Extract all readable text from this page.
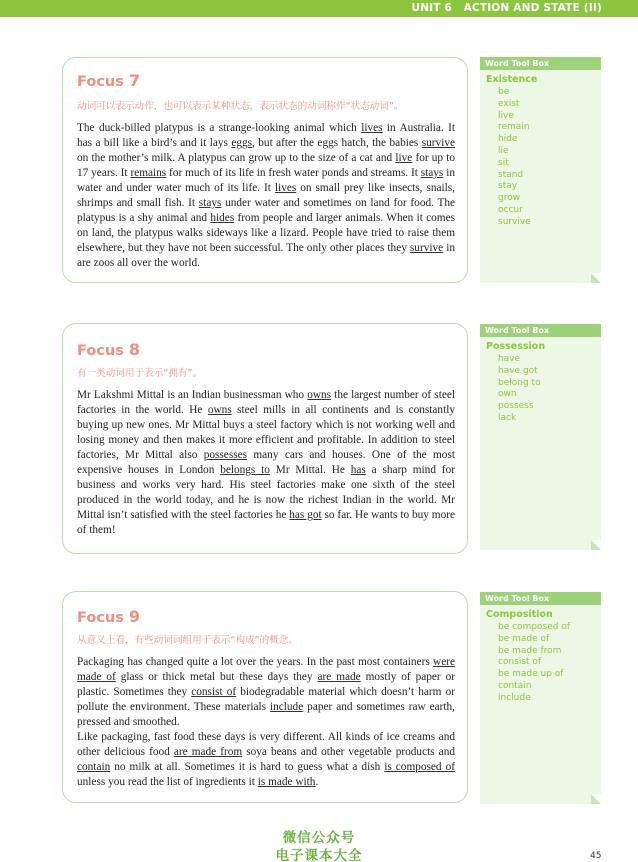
UNIT 6 ACTION AND STATE (II)
Focus 7
动词可以表示动作，也可以表示某种状态，表示状态的动词称作“状态动词”。

The duck-billed platypus is a strange-looking animal which lives in Australia. It has a bill like a bird’s and it lays eggs, but after the eggs hatch, the babies survive on the mother’s milk. A platypus can grow up to the size of a cat and live for up to 17 years. It remains for much of its life in fresh water ponds and streams. It stays in water and under water much of its life. It lives on small prey like insects, snails, shrimps and small fish. It stays under water and sometimes on land for food. The platypus is a shy animal and hides from people and larger animals. When it comes on land, the platypus walks sideways like a lizard. People have tried to raise them elsewhere, but they have not been successful. The only other places they survive in are zoos all over the world.

Focus 8
有一类动词用于表示“拥有”。

Mr Lakshmi Mittal is an Indian businessman who owns the largest number of steel factories in the world. He owns steel mills in all continents and is constantly buying up new ones. Mr Mittal buys a steel factory which is not working well and losing money and then makes it more efficient and profitable. In addition to steel factories, Mr Mittal also possesses many cars and houses. One of the most expensive houses in London belongs to Mr Mittal. He has a sharp mind for business and works very hard. His steel factories make one sixth of the steel produced in the world today, and he is now the richest Indian in the world. Mr Mittal isn’t satisfied with the steel factories he has got so far. He wants to buy more of them!

Focus 9
从意义上看，有些动词词组用于表示“构成”的概念。

Packaging has changed quite a lot over the years. In the past most containers were made of glass or thick metal but these days they are made mostly of paper or plastic. Sometimes they consist of biodegradable material which doesn’t harm or pollute the environment. These materials include paper and sometimes raw earth, pressed and smoothed.

Like packaging, fast food these days is very different. All kinds of ice creams and other delicious food are made from soya beans and other vegetable products and contain no milk at all. Sometimes it is hard to guess what a dish is composed of unless you read the list of ingredients it is made with.

Word Tool Box
Existence
be
exist
live
remain
hide
lie
sit
stand
stay
grow
occur
survive
Word Tool Box
Possession
have
have got
belong to
own
possess
lack
Word Tool Box
Composition
be composed of
be made of
be made from
consist of
be made up of
contain
include
微信公众号
电子课本大全	45
